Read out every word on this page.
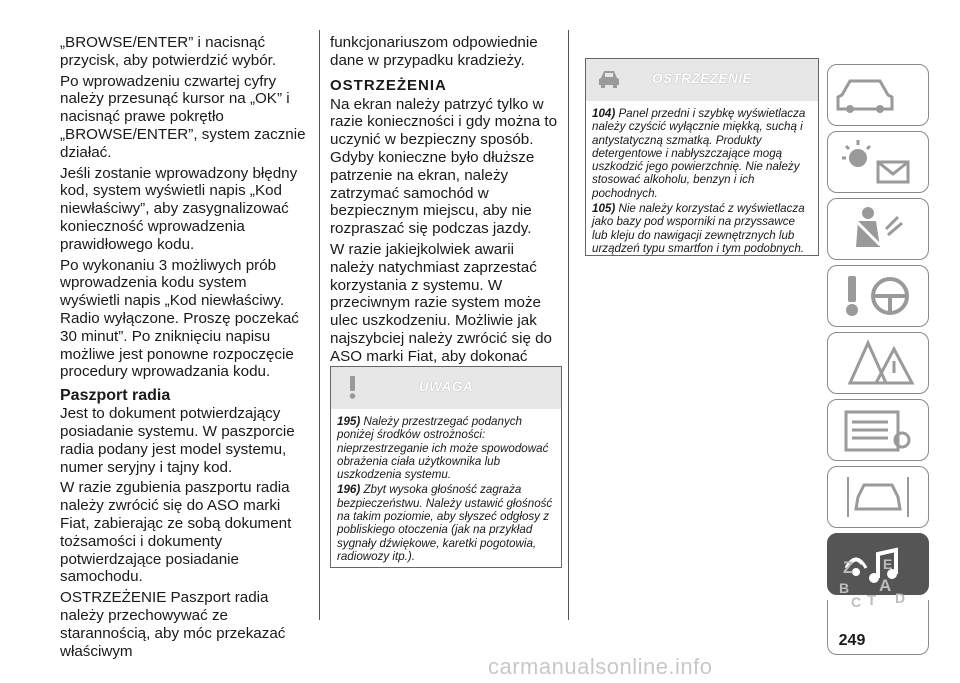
„BROWSE/ENTER” i nacisnąć przycisk, aby potwierdzić wybór.

Po wprowadzeniu czwartej cyfry należy przesunąć kursor na „OK” i nacisnąć prawe pokrętło „BROWSE/ENTER”, system zacznie działać.

Jeśli zostanie wprowadzony błędny kod, system wyświetli napis „Kod niewłaściwy”, aby zasygnalizować konieczność wprowadzenia prawidłowego kodu.

Po wykonaniu 3 możliwych prób wprowadzenia kodu system wyświetli napis „Kod niewłaściwy. Radio wyłączone. Proszę poczekać 30 minut”. Po zniknięciu napisu możliwe jest ponowne rozpoczęcie procedury wprowadzania kodu.

Paszport radia

Jest to dokument potwierdzający posiadanie systemu. W paszporcie radia podany jest model systemu, numer seryjny i tajny kod.

W razie zgubienia paszportu radia należy zwrócić się do ASO marki Fiat, zabierając ze sobą dokument tożsamości i dokumenty potwierdzające posiadanie samochodu.

OSTRZEŻENIE Paszport radia należy przechowywać ze starannością, aby móc przekazać właściwym

funkcjonariuszom odpowiednie dane w przypadku kradzieży.

OSTRZEŻENIA

Na ekran należy patrzyć tylko w razie konieczności i gdy można to uczynić w bezpieczny sposób. Gdyby konieczne było dłuższe patrzenie na ekran, należy zatrzymać samochód w bezpiecznym miejscu, aby nie rozpraszać się podczas jazdy.

W razie jakiejkolwiek awarii należy natychmiast zaprzestać korzystania z systemu. W przeciwnym razie system może ulec uszkodzeniu. Możliwie jak najszybciej należy zwrócić się do ASO marki Fiat, aby dokonać

UWAGA

195) Należy przestrzegać podanych poniżej środków ostrożności: nieprzestrzeganie ich może spowodować obrażenia ciała użytkownika lub uszkodzenia systemu.

196) Zbyt wysoka głośność zagraża bezpieczeństwu. Należy ustawić głośność na takim poziomie, aby słyszeć odgłosy z pobliskiego otoczenia (jak na przykład sygnały dźwiękowe, karetki pogotowia, radiowozy itp.).

OSTRZEŻENIE

104) Panel przedni i szybkę wyświetlacza należy czyścić wyłącznie miękką, suchą i antystatyczną szmatką. Produkty detergentowe i nabłyszczające mogą uszkodzić jego powierzchnię. Nie należy stosować alkoholu, benzyn i ich pochodnych.

105) Nie należy korzystać z wyświetlacza jako bazy pod wsporniki na przyssawce lub kleju do nawigacji zewnętrznych lub urządzeń typu smartfon i tym podobnych.

Z E
B A
C T D
249
carmanualsonline.info
